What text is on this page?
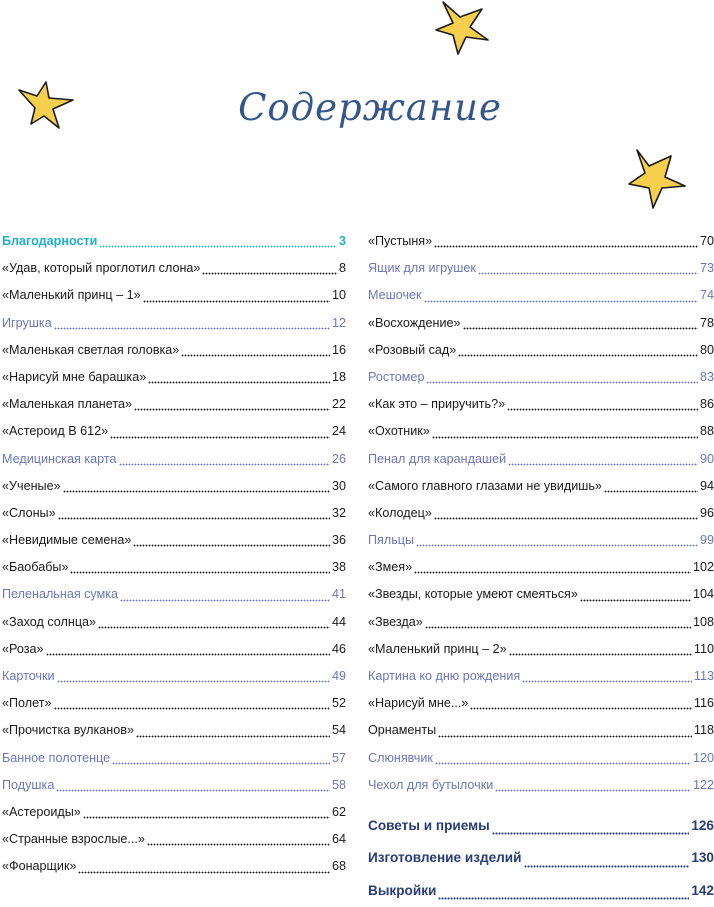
Содержание
Благодарности	3
«Удав, который проглотил слона»	8
«Маленький принц – 1»	10
Игрушка	12
«Маленькая светлая головка»	16
«Нарисуй мне барашка»	18
«Маленькая планета»	22
«Астероид В 612»	24
Медицинская карта	26
«Ученые»	30
«Слоны»	32
«Невидимые семена»	36
«Баобабы»	38
Пеленальная сумка	41
«Заход солнца»	44
«Роза»	46
Карточки	49
«Полет»	52
«Прочистка вулканов»	54
Банное полотенце	57
Подушка	58
«Астероиды»	62
«Странные взрослые...»	64
«Фонарщик»	68
«Пустыня»	70
Ящик для игрушек	73
Мешочек	74
«Восхождение»	78
«Розовый сад»	80
Ростомер	83
«Как это – приручить?»	86
«Охотник»	88
Пенал для карандашей	90
«Самого главного глазами не увидишь»	94
«Колодец»	96
Пяльцы	99
«Змея»	102
«Звезды, которые умеют смеяться»	104
«Звезда»	108
«Маленький принц – 2»	110
Картина ко дню рождения	113
«Нарисуй мне...»	116
Орнаменты	118
Слюнявчик	120
Чехол для бутылочки	122
Советы и приемы	126
Изготовление изделий	130
Выкройки	142
